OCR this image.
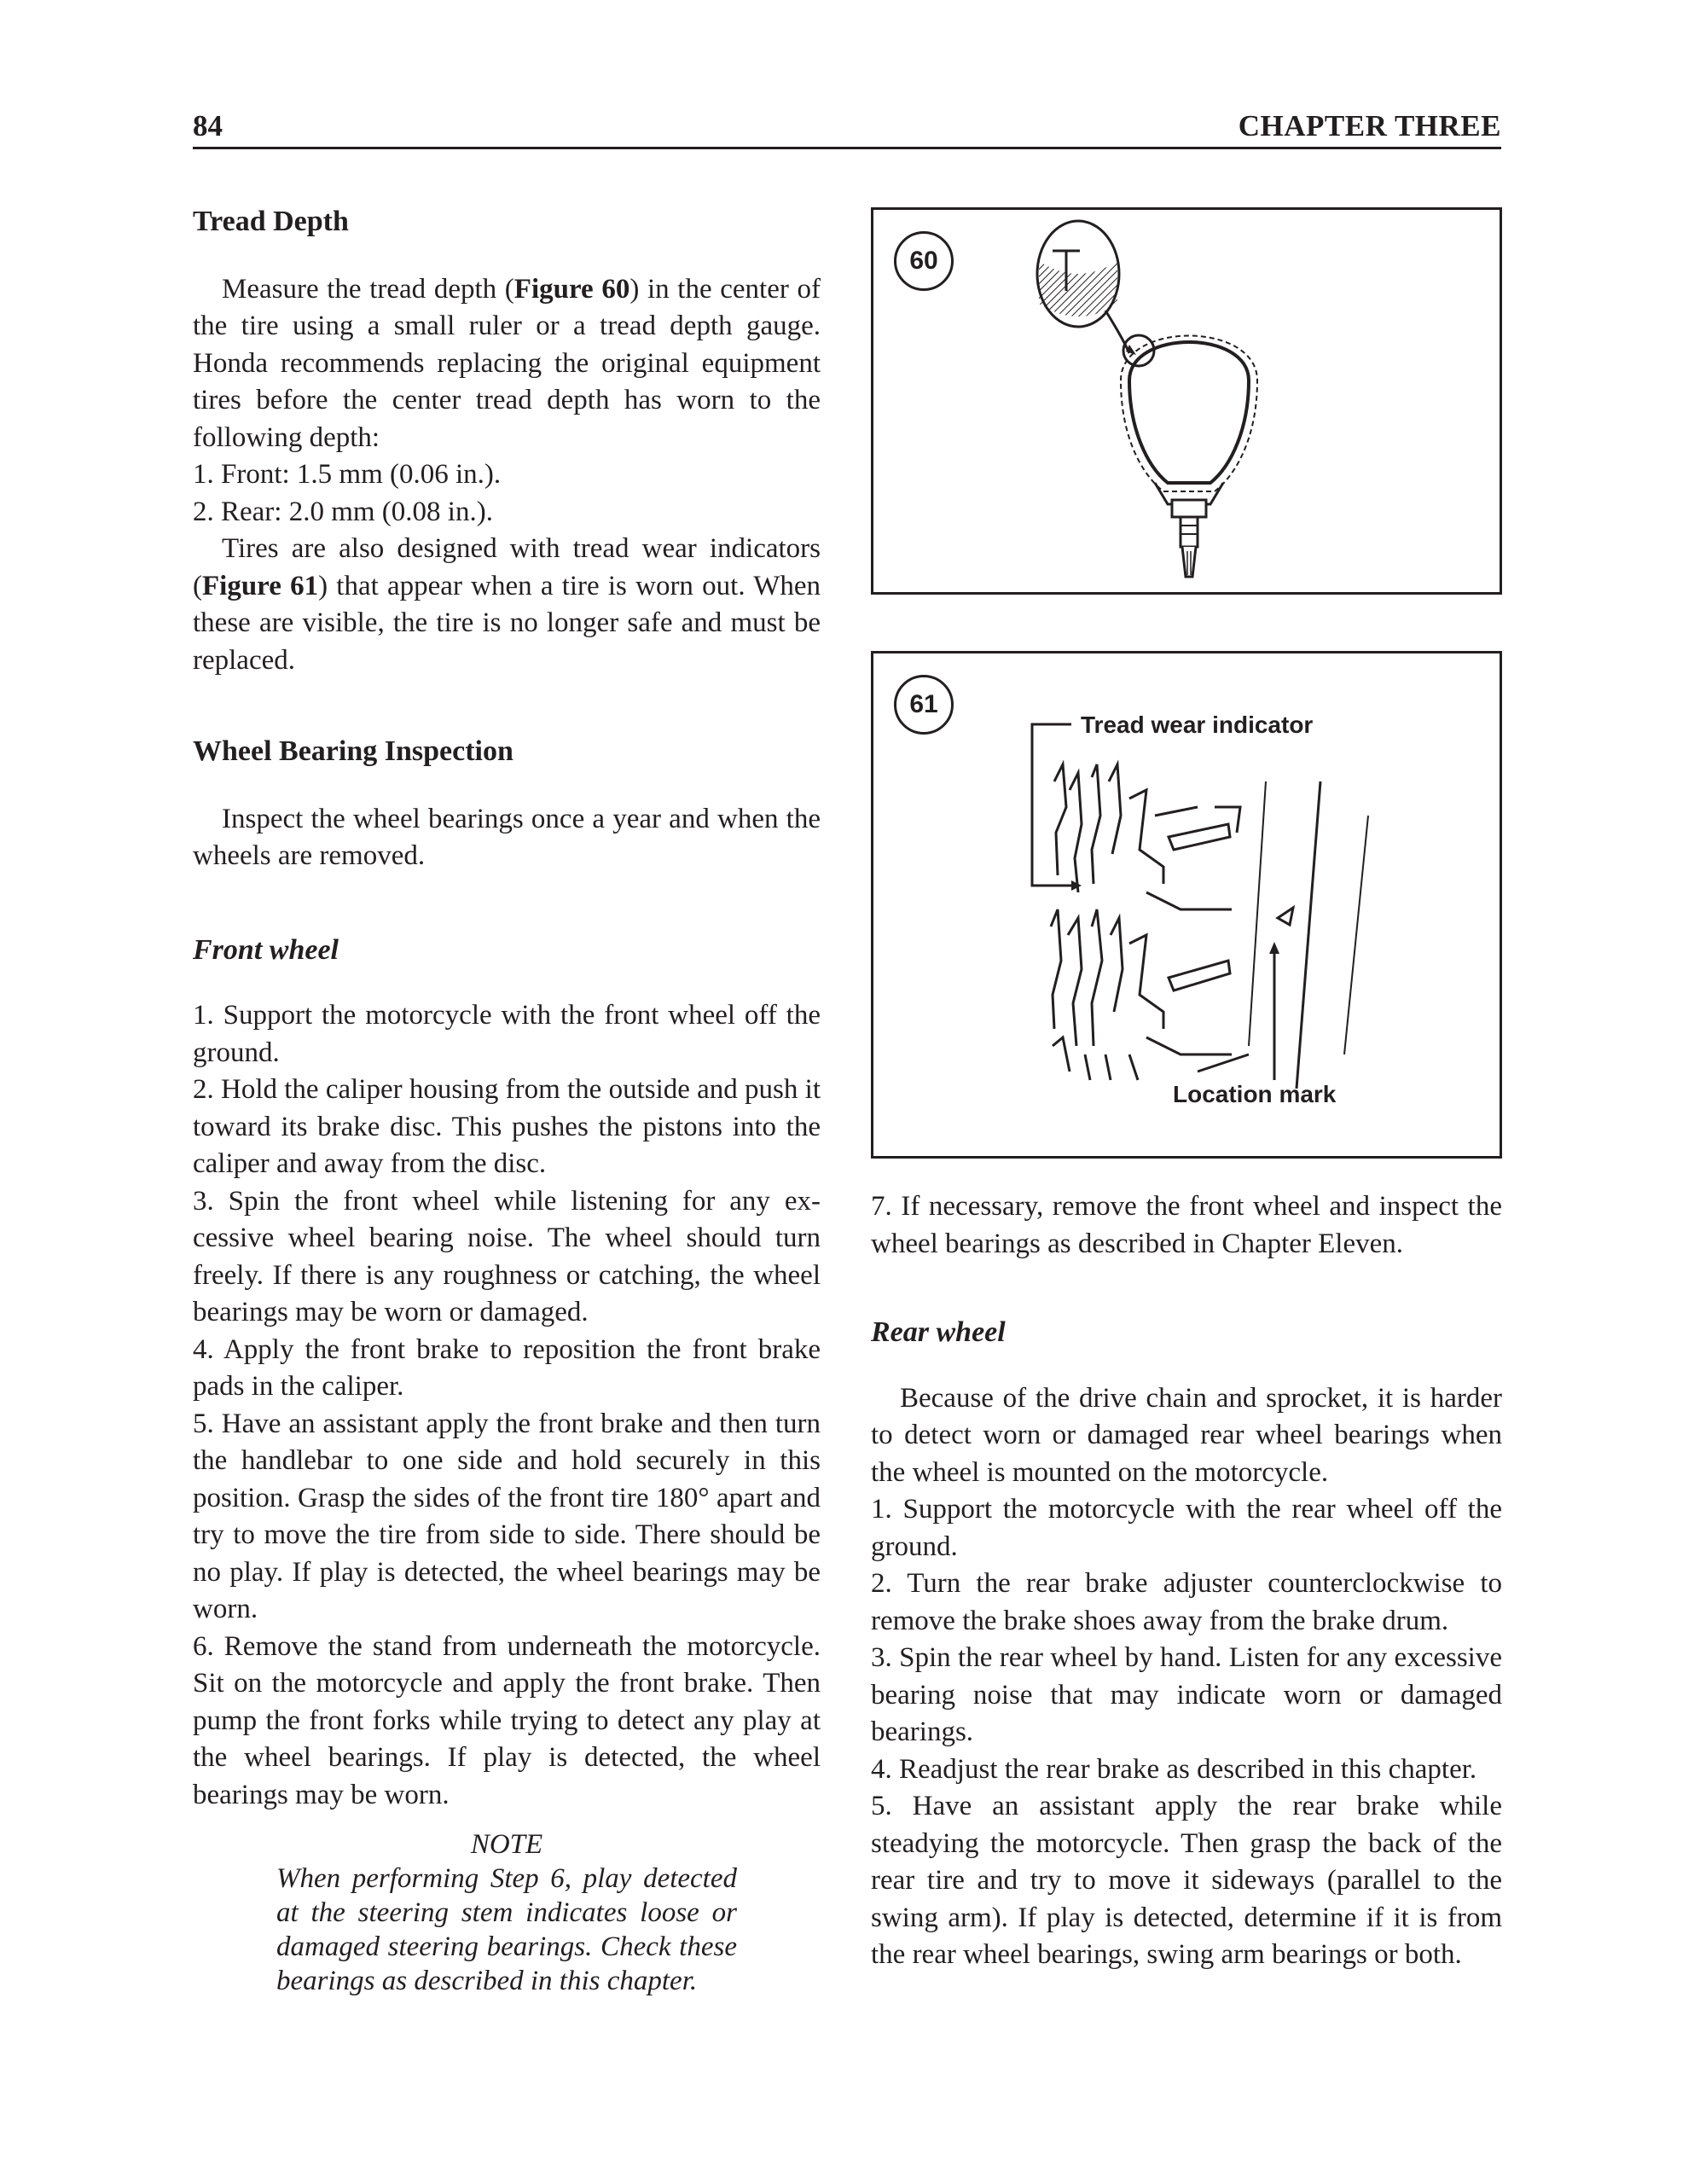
84	CHAPTER THREE

Tread Depth

Measure the tread depth (Figure 60) in the center of the tire using a small ruler or a tread depth gauge. Honda recommends replacing the original equipment tires before the center tread depth has worn to the following depth:

1. Front: 1.5 mm (0.06 in.).

2. Rear: 2.0 mm (0.08 in.).

Tires are also designed with tread wear indicators (Figure 61) that appear when a tire is worn out. When these are visible, the tire is no longer safe and must be replaced.

Wheel Bearing Inspection

Inspect the wheel bearings once a year and when the wheels are removed.

Front wheel

1. Support the motorcycle with the front wheel off the ground.

2. Hold the caliper housing from the outside and push it toward its brake disc. This pushes the pistons into the caliper and away from the disc.

3. Spin the front wheel while listening for any excessive wheel bearing noise. The wheel should turn freely. If there is any roughness or catching, the wheel bearings may be worn or damaged.

4. Apply the front brake to reposition the front brake pads in the caliper.

5. Have an assistant apply the front brake and then turn the handlebar to one side and hold securely in this position. Grasp the sides of the front tire 180° apart and try to move the tire from side to side. There should be no play. If play is detected, the wheel bearings may be worn.

6. Remove the stand from underneath the motorcycle. Sit on the motorcycle and apply the front brake. Then pump the front forks while trying to detect any play at the wheel bearings. If play is detected, the wheel bearings may be worn.

NOTE

When performing Step 6, play detected at the steering stem indicates loose or damaged steering bearings. Check these bearings as described in this chapter.

60
61
Tread wear indicator
Location mark

7. If necessary, remove the front wheel and inspect the wheel bearings as described in Chapter Eleven.

Rear wheel

Because of the drive chain and sprocket, it is harder to detect worn or damaged rear wheel bearings when the wheel is mounted on the motorcycle.

1. Support the motorcycle with the rear wheel off the ground.

2. Turn the rear brake adjuster counterclockwise to remove the brake shoes away from the brake drum.

3. Spin the rear wheel by hand. Listen for any excessive bearing noise that may indicate worn or damaged bearings.

4. Readjust the rear brake as described in this chapter.

5. Have an assistant apply the rear brake while steadying the motorcycle. Then grasp the back of the rear tire and try to move it sideways (parallel to the swing arm). If play is detected, determine if it is from the rear wheel bearings, swing arm bearings or both.
